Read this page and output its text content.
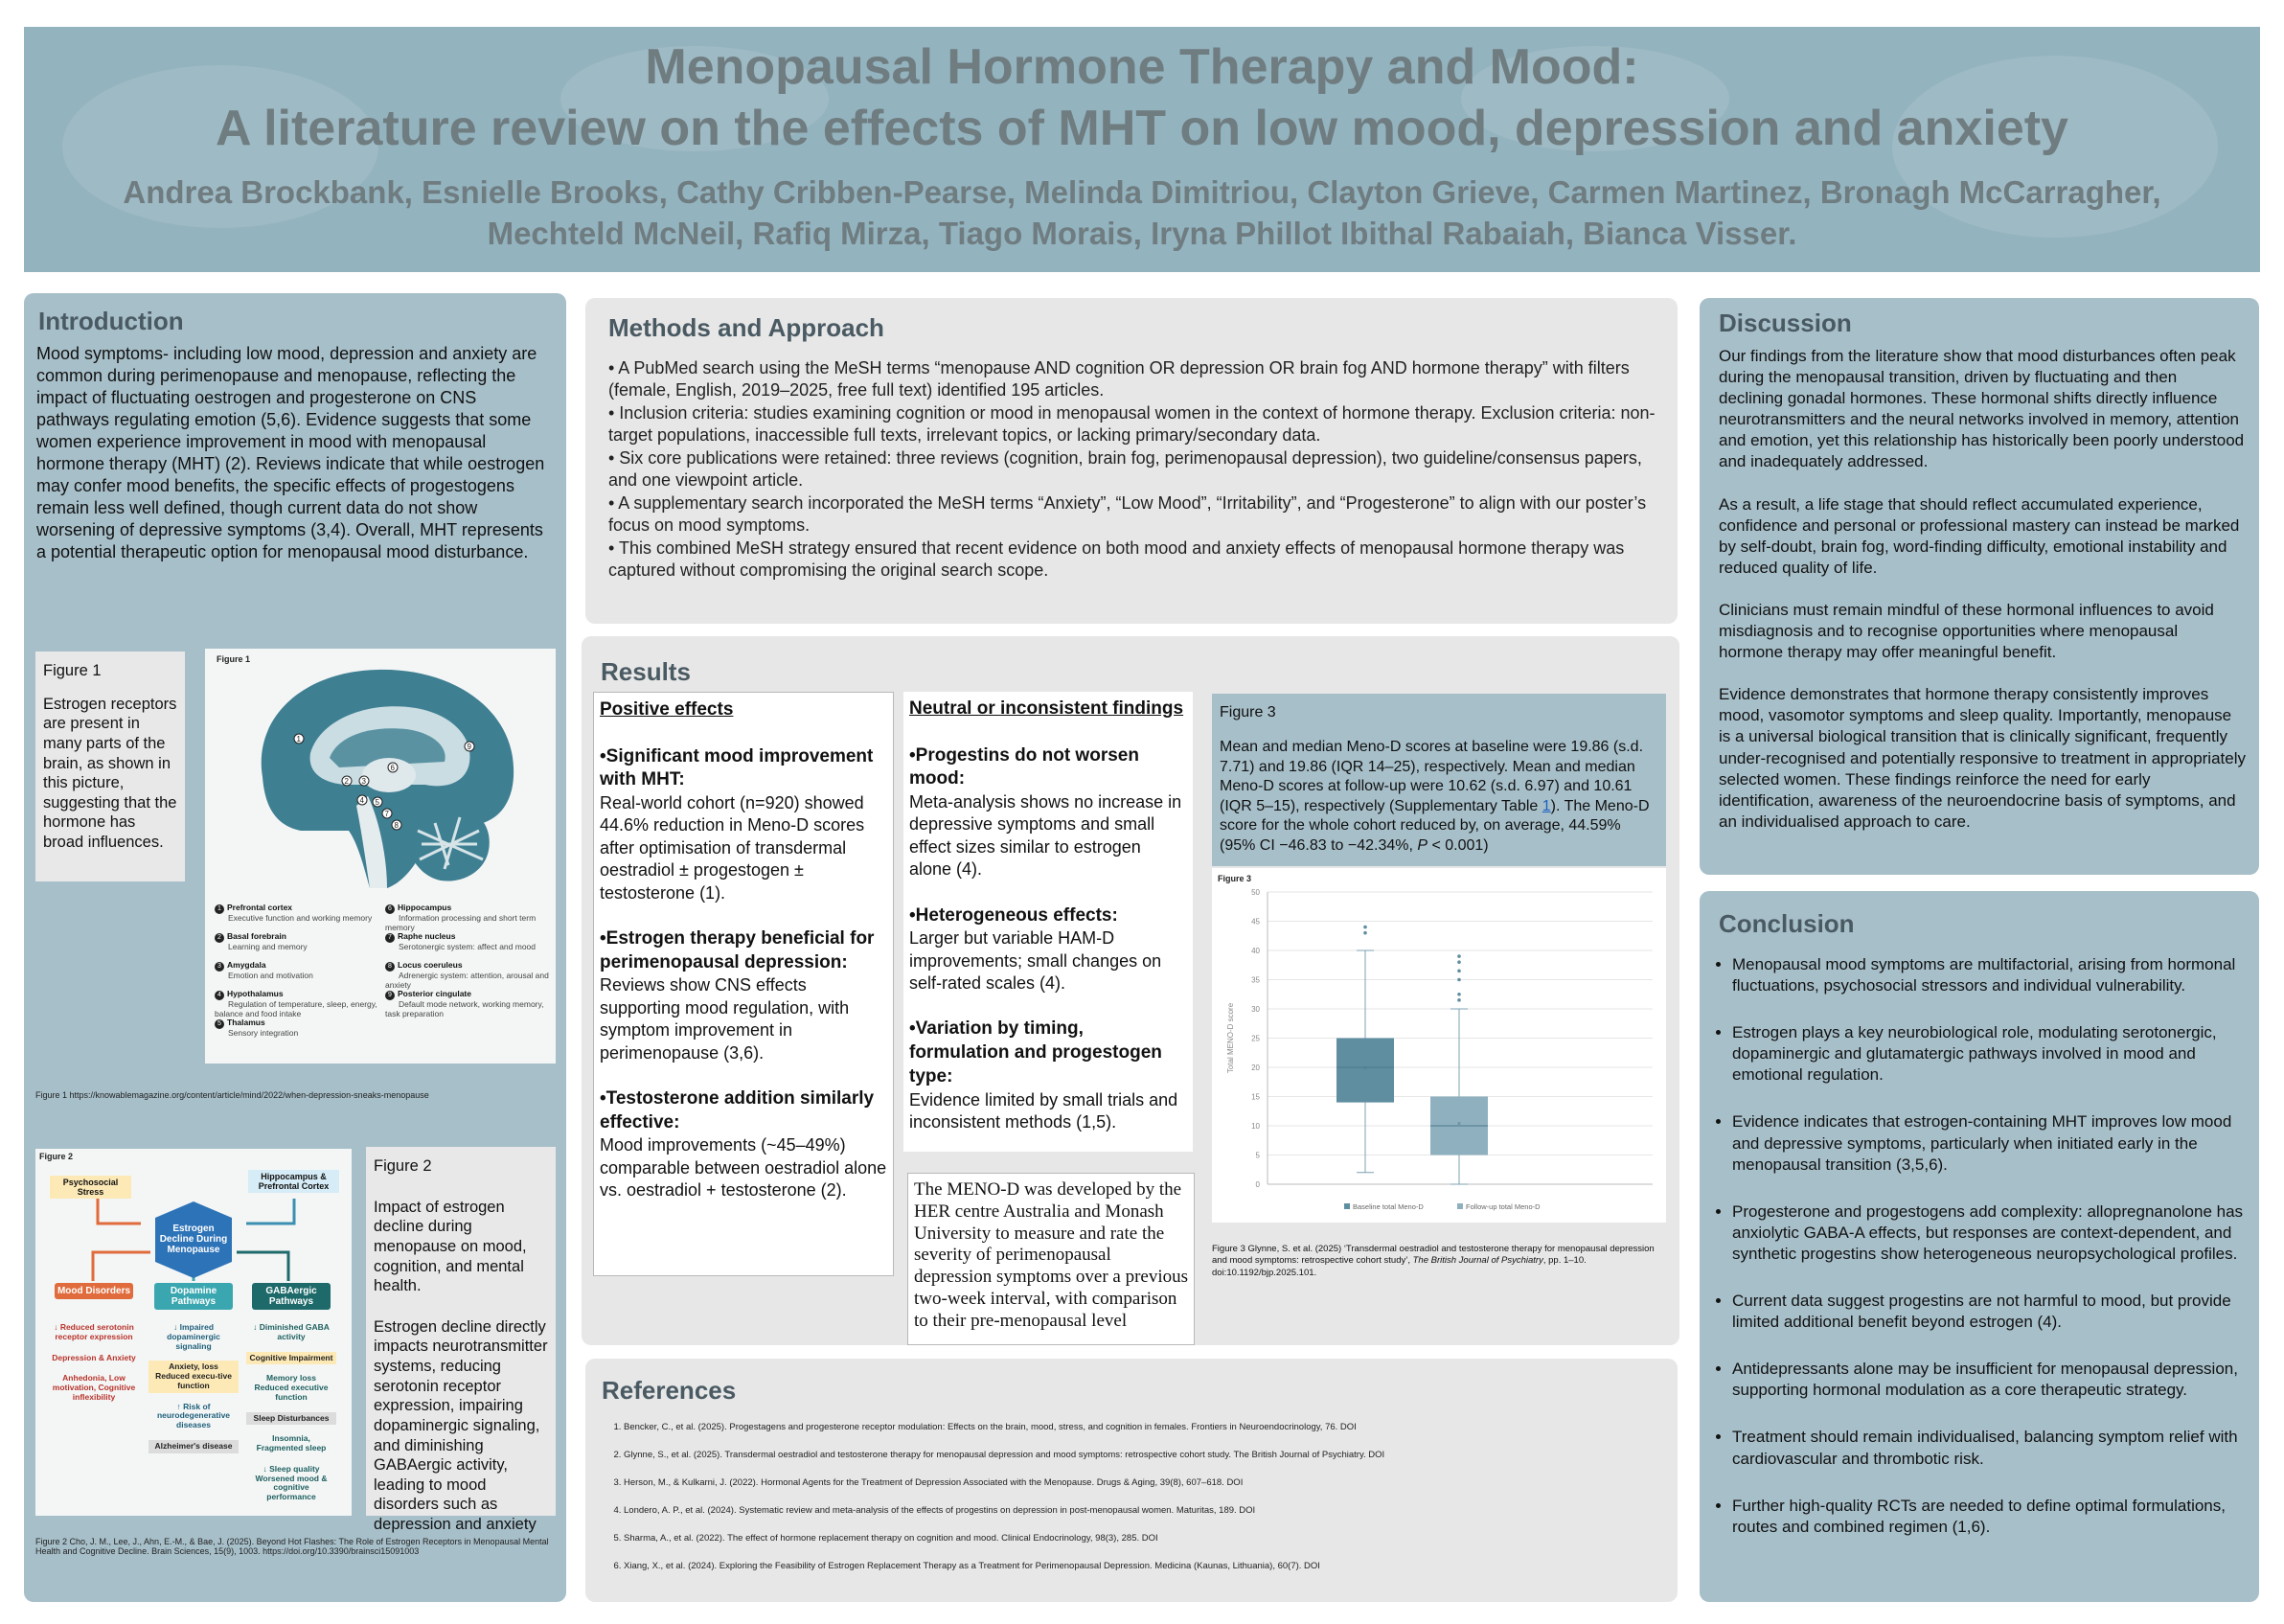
Menopausal Hormone Therapy and Mood:
A literature review on the effects of MHT on low mood, depression and anxiety
Andrea Brockbank, Esnielle Brooks, Cathy Cribben-Pearse, Melinda Dimitriou, Clayton Grieve, Carmen Martinez, Bronagh McCarragher,
Mechteld McNeil, Rafiq Mirza, Tiago Morais, Iryna Phillot Ibithal Rabaiah, Bianca Visser.
Introduction

Mood symptoms- including low mood, depression and anxiety are common during perimenopause and menopause, reflecting the impact of fluctuating oestrogen and progesterone on CNS pathways regulating emotion (5,6). Evidence suggests that some women experience improvement in mood with menopausal hormone therapy (MHT) (2). Reviews indicate that while oestrogen may confer mood benefits, the specific effects of progestogens remain less well defined, though current data do not show worsening of depressive symptoms (3,4). Overall, MHT represents a potential therapeutic option for menopausal mood disturbance.

Figure 1
Estrogen receptors are present in many parts of the brain, as shown in this picture, suggesting that the hormone has broad influences.
Figure 1
1
2 3
4 5
6
7
8
9
1 Prefrontal cortex
Executive function and working memory
2 Basal forebrain
Learning and memory
3 Amygdala
Emotion and motivation
4 Hypothalamus
Regulation of temperature, sleep, energy, balance and food intake
5 Thalamus
Sensory integration
6 Hippocampus
Information processing and short term memory
7 Raphe nucleus
Serotonergic system: affect and mood
8 Locus coeruleus
Adrenergic system: attention, arousal and anxiety
9 Posterior cingulate
Default mode network, working memory, task preparation
Figure 1 https://knowablemagazine.org/content/article/mind/2022/when-depression-sneaks-menopause
Figure 2
Psychosocial Stress
Hippocampus & Prefrontal Cortex
Estrogen Decline During Menopause
Mood Disorders	Dopamine Pathways
GABAergic Pathways
↓ Reduced serotonin receptor expression
Depression & Anxiety
Anhedonia, Low motivation, Cognitive inflexibility
↓ Impaired dopaminergic signaling
Anxiety, loss Reduced execu-tive function
↑ Risk of neurodegenerative diseases
Alzheimer's disease
↓ Diminished GABA activity
Cognitive Impairment
Memory loss Reduced executive function
Sleep Disturbances
Insomnia, Fragmented sleep
↓ Sleep quality Worsened mood & cognitive performance
Figure 2
Impact of estrogen decline during menopause on mood, cognition, and mental health.
Estrogen decline directly impacts neurotransmitter systems, reducing serotonin receptor expression, impairing dopaminergic signaling, and diminishing GABAergic activity, leading to mood disorders such as depression and anxiety
Figure 2 Cho, J. M., Lee, J., Ahn, E.-M., & Bae, J. (2025). Beyond Hot Flashes: The Role of Estrogen Receptors in Menopausal Mental Health and Cognitive Decline. Brain Sciences, 15(9), 1003. https://doi.org/10.3390/brainsci15091003
Methods and Approach

• A PubMed search using the MeSH terms “menopause AND cognition OR depression OR brain fog AND hormone therapy” with filters (female, English, 2019–2025, free full text) identified 195 articles.

• Inclusion criteria: studies examining cognition or mood in menopausal women in the context of hormone therapy. Exclusion criteria: non-target populations, inaccessible full texts, irrelevant topics, or lacking primary/secondary data.

• Six core publications were retained: three reviews (cognition, brain fog, perimenopausal depression), two guideline/consensus papers, and one viewpoint article.

• A supplementary search incorporated the MeSH terms “Anxiety”, “Low Mood”, “Irritability”, and “Progesterone” to align with our poster’s focus on mood symptoms.

• This combined MeSH strategy ensured that recent evidence on both mood and anxiety effects of menopausal hormone therapy was captured without compromising the original search scope.

Results
Positive effects
•Significant mood improvement with MHT:
Real-world cohort (n=920) showed 44.6% reduction in Meno-D scores after optimisation of transdermal oestradiol ± progestogen ± testosterone (1).
•Estrogen therapy beneficial for perimenopausal depression:
Reviews show CNS effects supporting mood regulation, with symptom improvement in perimenopause (3,6).
•Testosterone addition similarly effective:
Mood improvements (~45–49%) comparable between oestradiol alone vs. oestradiol + testosterone (2).
Neutral or inconsistent findings
•Progestins do not worsen mood:
Meta-analysis shows no increase in depressive symptoms and small effect sizes similar to estrogen alone (4).
•Heterogeneous effects:
Larger but variable HAM-D improvements; small changes on self-rated scales (4).
•Variation by timing, formulation and progestogen type:
Evidence limited by small trials and inconsistent methods (1,5).
The MENO-D was developed by the HER centre Australia and Monash University to measure and rate the severity of perimenopausal depression symptoms over a previous two-week interval, with comparison to their pre-menopausal level
Figure 3
Mean and median Meno-D scores at baseline were 19.86 (s.d. 7.71) and 19.86 (IQR 14–25), respectively. Mean and median Meno-D scores at follow-up were 10.62 (s.d. 6.97) and 10.61 (IQR 5–15), respectively (Supplementary Table 1). The Meno-D score for the whole cohort reduced by, on average, 44.59% (95% CI −46.83 to −42.34%, P < 0.001)
Figure 3
0
5
10
15
20
25
30
35
40
45
50
Total MENO-D score	×
×
Baseline total Meno-D	Follow-up total Meno-D
Figure 3 Glynne, S. et al. (2025) ‘Transdermal oestradiol and testosterone therapy for menopausal depression and mood symptoms: retrospective cohort study’, The British Journal of Psychiatry, pp. 1–10. doi:10.1192/bjp.2025.101.
References
1. Bencker, C., et al. (2025). Progestagens and progesterone receptor modulation: Effects on the brain, mood, stress, and cognition in females. Frontiers in Neuroendocrinology, 76. DOI
2. Glynne, S., et al. (2025). Transdermal oestradiol and testosterone therapy for menopausal depression and mood symptoms: retrospective cohort study. The British Journal of Psychiatry. DOI
3. Herson, M., & Kulkarni, J. (2022). Hormonal Agents for the Treatment of Depression Associated with the Menopause. Drugs & Aging, 39(8), 607–618. DOI
4. Londero, A. P., et al. (2024). Systematic review and meta-analysis of the effects of progestins on depression in post-menopausal women. Maturitas, 189. DOI
5. Sharma, A., et al. (2022). The effect of hormone replacement therapy on cognition and mood. Clinical Endocrinology, 98(3), 285. DOI
6. Xiang, X., et al. (2024). Exploring the Feasibility of Estrogen Replacement Therapy as a Treatment for Perimenopausal Depression. Medicina (Kaunas, Lithuania), 60(7). DOI
Discussion

Our findings from the literature show that mood disturbances often peak during the menopausal transition, driven by fluctuating and then declining gonadal hormones. These hormonal shifts directly influence neurotransmitters and the neural networks involved in memory, attention and emotion, yet this relationship has historically been poorly understood and inadequately addressed.

As a result, a life stage that should reflect accumulated experience, confidence and personal or professional mastery can instead be marked by self-doubt, brain fog, word-finding difficulty, emotional instability and reduced quality of life.

Clinicians must remain mindful of these hormonal influences to avoid misdiagnosis and to recognise opportunities where menopausal hormone therapy may offer meaningful benefit.

Evidence demonstrates that hormone therapy consistently improves mood, vasomotor symptoms and sleep quality. Importantly, menopause is a universal biological transition that is clinically significant, frequently under-recognised and potentially responsive to treatment in appropriately selected women. These findings reinforce the need for early identification, awareness of the neuroendocrine basis of symptoms, and an individualised approach to care.

Conclusion
• Menopausal mood symptoms are multifactorial, arising from hormonal fluctuations, psychosocial stressors and individual vulnerability.
• Estrogen plays a key neurobiological role, modulating serotonergic, dopaminergic and glutamatergic pathways involved in mood and emotional regulation.
• Evidence indicates that estrogen-containing MHT improves low mood and depressive symptoms, particularly when initiated early in the menopausal transition (3,5,6).
• Progesterone and progestogens add complexity: allopregnanolone has anxiolytic GABA-A effects, but responses are context-dependent, and synthetic progestins show heterogeneous neuropsychological profiles.
• Current data suggest progestins are not harmful to mood, but provide limited additional benefit beyond estrogen (4).
• Antidepressants alone may be insufficient for menopausal depression, supporting hormonal modulation as a core therapeutic strategy.
• Treatment should remain individualised, balancing symptom relief with cardiovascular and thrombotic risk.
• Further high-quality RCTs are needed to define optimal formulations, routes and combined regimen (1,6).
